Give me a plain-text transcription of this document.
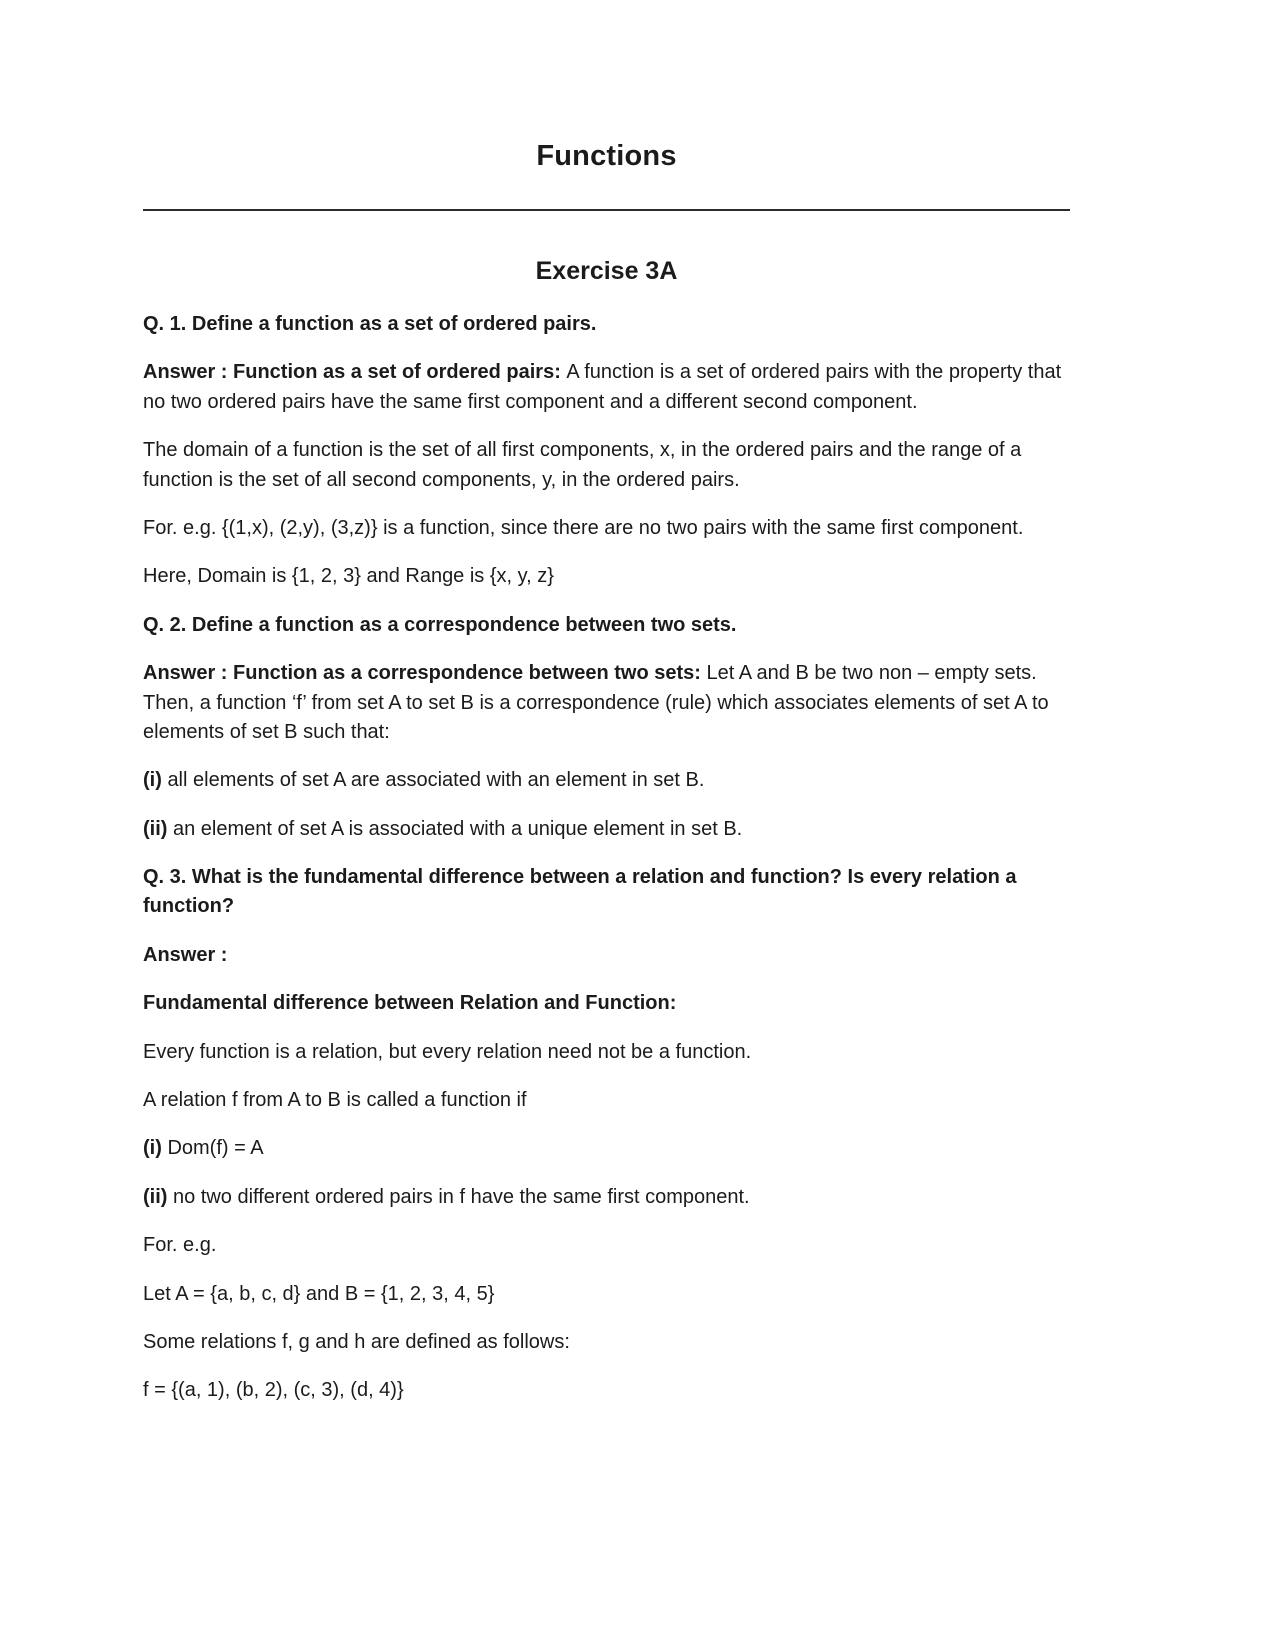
Functions
Exercise 3A

Q. 1. Define a function as a set of ordered pairs.

Answer : Function as a set of ordered pairs: A function is a set of ordered pairs with the property that no two ordered pairs have the same first component and a different second component.

The domain of a function is the set of all first components, x, in the ordered pairs and the range of a function is the set of all second components, y, in the ordered pairs.

For. e.g. {(1,x), (2,y), (3,z)} is a function, since there are no two pairs with the same first component.

Here, Domain is {1, 2, 3} and Range is {x, y, z}

Q. 2. Define a function as a correspondence between two sets.

Answer : Function as a correspondence between two sets: Let A and B be two non – empty sets. Then, a function ‘f’ from set A to set B is a correspondence (rule) which associates elements of set A to elements of set B such that:

(i) all elements of set A are associated with an element in set B.

(ii) an element of set A is associated with a unique element in set B.

Q. 3. What is the fundamental difference between a relation and function? Is every relation a function?

Answer :

Fundamental difference between Relation and Function:

Every function is a relation, but every relation need not be a function.

A relation f from A to B is called a function if

(i) Dom(f) = A

(ii) no two different ordered pairs in f have the same first component.

For. e.g.

Let A = {a, b, c, d} and B = {1, 2, 3, 4, 5}

Some relations f, g and h are defined as follows:

f = {(a, 1), (b, 2), (c, 3), (d, 4)}
